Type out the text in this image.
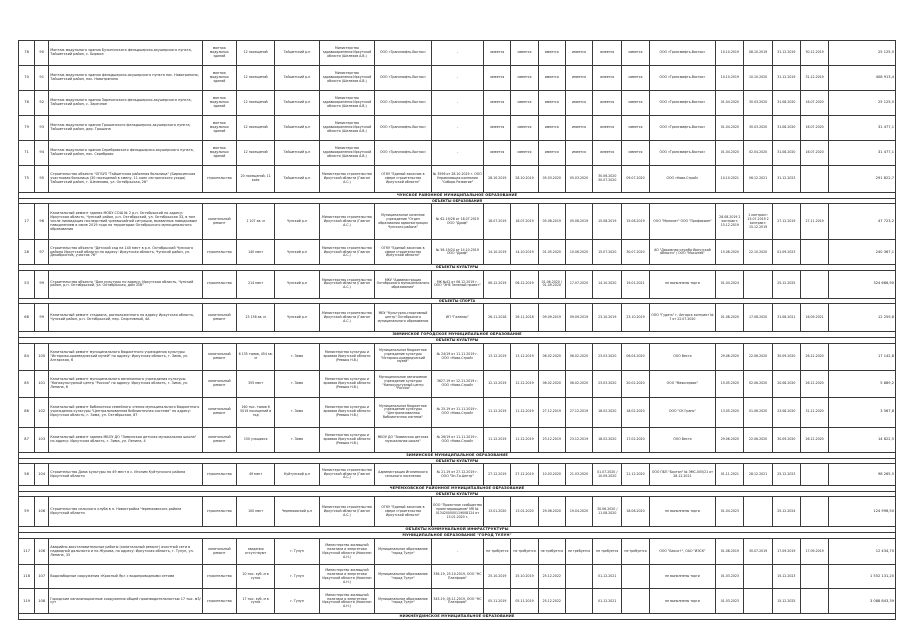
78	90	Монтаж модульного здания Бузыгинского фельдшерско-акушерского пункта, Тайшетский район, с. Бирюса	монтаж модульных зданий	12 посещений	Тайшетский р-н	Министерство здравоохранения Иркутской области (Шелехов А.В.)	ООО «Трансмифть-Восток»	-	имеется	имеется	имеется	имеется	имеется	имеется	ООО «Трансмифть-Восток»	10.10.2019	08.10.2019	31.12.2019	30.12.2019	25 125,5
70	91	Монтаж модульного здания фельдшерско-акушерского пункта пос. Новотрянино, Тайшетский район, пос. Новотрянино	монтаж модульных зданий	12 посещений	Тайшетский р-н	Министерство здравоохранения Иркутской области (Шелехов А.В.)	ООО «Трансмифть-Восток»	-	имеется	имеется	имеется	имеется	имеется	имеется	ООО «Трансмифть-Восток»	10.10.2019	10.10.2020	31.12.2019	31.12.2019	408 913,4
76	92	Монтаж модульного здания Заречинского фельдшерско-акушерского пункта, Тайшетский район, с. Заречное	монтаж модульных зданий	12 посещений	Тайшетский р-н	Министерство здравоохранения Иркутской области (Шелехов А.В.)	ООО «Трансмифть-Восток»	-	имеется	имеется	имеется	имеется	имеется	имеется	ООО «Трансмифть-Восток»	01.04.2020	30.03.2020	31.08.2020	16.07.2020	25 125,5
79	93	Монтаж модульного здания Трошинского фельдшерско-акушерского пункта, Тайшетский район, дер. Трошина	монтаж модульных зданий	12 посещений	Тайшетский р-н	Министерство здравоохранения Иркутской области (Шелехов А.В.)	ООО «Трансмифть-Восток»	-	имеется	имеется	имеется	имеется	имеется	имеется	ООО «Трансмифть-Восток»	01.04.2020	30.03.2020	31.08.2020	16.07.2020	31 477,1
71	94	Монтаж модульного здания Серебровского фельдшерско-акушерского пункта, Тайшетский район, пос. Сереброво	монтаж модульных зданий	12 посещений	Тайшетский р-н	Министерство здравоохранения Иркутской области (Шелехов А.В.)	ООО «Трансмифть-Восток»	-	имеется	имеется	имеется	имеется	имеется	имеется	ООО «Трансмифть-Восток»	01.04.2020	02.04.2020	31.08.2020	16.07.2020	31 477,1
75	95	Строительство объекта "ОГБУЗ "Тайшетская районная больница" (Бирюсинская участковая больница (30 посещений в смену, 11 коек сестринского ухода) Тайшетский район, г. Шелехова, ул. Октябрьская, 26"	строительство	20 посещений, 11 коек	Тайшетский р-н	Министерство строительства Иркутской области (Гаиган А.С.)	ОГКУ "Единый заказчик в сфере строительства Иркутской области"	№ 3596 от 28.10.2019 г. ООО Управляющая компания "Сибирь Развитие"	28.10.2019	28.10.2019	05.03.2020	05.03.2020	30.06.2020 30.07.2020	09.07.2020	ООО «Нова-Строй»	10.10.2021	06.12.2021	31.12.2023		291 822,7
ЧУНСКОЕ РАЙОННОЕ МУНИЦИПАЛЬНОЕ ОБРАЗОВАНИЕ																				
ОБЪЕКТЫ ОБРАЗОВАНИЯ																				
17	96	Капитальный ремонт здания МОБУ СОШ № 2 р.п. Октябрьский по адресу: Иркутская область, Чунский район, р.п. Октябрьский, ул. Октябрьская 33, в том числе ликвидация последствий чрезвычайной ситуации, вызванных паводковым наводнением в июле 2019 года на территории Октябрьского муниципального образования	капитальный ремонт	1 107 кв. м	Чунский р-н	Министерство строительства Иркутской области (Гаиган А.С.)	Муниципальное казенное учреждение "Отдел образования администрации Чунского района"	№ 62-19/28 от 18.07.2019 ООО "Дриф"	18.07.2019	18.07.2019	05.08.2019	05.08.2019	15.08.2019	15.08.2019	ООО "Монолит" ООО "Профикомп"	28.08.2019 2 контракт: 15.12.2019	1 контракт: 15.07.2019 2 контракт: 15.12.2019	27.12.2019	27.11.2019	47 723,2
28	97	Строительство объекта "Детский сад на 140 мест в р.п. Октябрьский Чунского района Иркутской области по адресу: Иркутская область, Чунский район, ул. Декабристов, участок 76"	строительство	140 мест	Чунский р-н	Министерство строительства Иркутской области (Гаиган А.С.)	ОГКУ "Единый заказчик в сфере строительства Иркутской области"	№ 56-19/24 от 14.10.2019 ООО "Дриф"	14.10.2019	14.10.2019	01.05.2020	10.06.2020	15.07.2020	30.07.2020	АО "Дорожная служба Иркутской области" / ООО "Масштаб"	15.08.2020	22.10.2020	01.09.2023		240 367,1
ОБЪЕКТЫ КУЛЬТУРЫ																				
53	99	Строительство объекта "Дом культуры по адресу: Иркутская область, Чунский район, р.п. Октябрьский, ул. Октябрьская, дом 31б"	строительство	214 мест	Чунский р-н	Министерство строительства Иркутской области (Гаиган А.С.)	МКУ "Администрация Октябрьского муниципального образования"	МК №42 от 06.12.2019 г. ООО "ЭНЕ Зеленый проект"	06.12.2019	06.12.2019	01.06.2020 / 01.09.2020	17.07.2020	14.10.2020	19.01.2021	не выполнены торги	01.04.2024		25.12.2025		324 686,90
ОБЪЕКТЫ СПОРТА																				
68	99	Капитальный ремонт стадиона, расположенного по адресу Иркутская область, Чунский район, р.п. Октябрьский, пер. Спортивный, 4А	капитальный ремонт	23 136 кв. м	Чунский р-н	Министерство строительства Иркутской области (Гаиган А.С.)	МБУ "Культурно-спортивный центр" Октябрьского муниципального образования	ИП "Галенир"	26.11.2018	26.11.2018	09.09.2019	09.09.2019	23.10.2019	23.10.2019	ООО "Гудать" г. Ангарск контракт № 7 от 22.07.2020	01.08.2020	17.08.2020	31.08.2021	16.09.2021	12 259,8
ЗИМИНСКОЕ ГОРОДСКОЕ МУНИЦИПАЛЬНОЕ ОБРАЗОВАНИЕ																				
ОБЪЕКТЫ КУЛЬТУРЫ																				
84	100	Капитальный ремонт муниципального бюджетного учреждения культуры "Историко-краеведческий музей" по адресу: Иркутская область, г. Зима, ул. Ангарская, 6	капитальный ремонт	6 135 томов, 454 кв. м	г. Зима	Министерство культуры и архивов Иркутской области (Ревыко Н.В.)	Муниципальное бюджетное учреждение культуры "Историко-краеведческий музей"	№ 24/19 от 11.11.2019 г. ООО «Ново-Строй»	13.12.2019	13.12.2019	06.02.2020	06.02.2020	23.03.2020	06.04.2020	ООО Веста	29.06.2020	22.06.2020	30.09.2020	26.12.2020	17 142,8
85	101	Капитальный ремонт муниципального автономного учреждения культуры "Кинокультурный центр "Россия" по адресу: Иркутская область, г. Зима, ул. Ленина, 6	капитальный ремонт	355 мест	г. Зима	Министерство культуры и архивов Иркутской области (Ревыко Н.В.)	Муниципальное автономное учреждение культуры "Кинокультурный центр "Россия"	3627-19 от 12.11.2019 г. ООО «Ново-Строй»	12.12.2019	12.12.2019	06.02.2020	06.02.2020	23.03.2020	20.02.2020	ООО "Маяксервис"	15.05.2020	02.06.2020	20.08.2020	26.12.2020	5 889,2
86	102	Капитальный ремонт библиотеки семейного чтения муниципального бюджетного учреждения культуры "Централизованная библиотечная система" по адресу: Иркутская область, г. Зима, ул. Октябрьская, 87	капитальный ремонт	160 тыс. томов 6 5019 посещений в год	г. Зима	Министерство культуры и архивов Иркутской области (Ревыко Н.В.)	Муниципальное бюджетное учреждение культуры "Централизованная библиотечная система"	№ 25-19 от 11.11.2019 г. ООО «Ново-Строй»	11.12.2019	11.12.2019	27.12.2019	27.12.2019	18.02.2020	18.02.2020	ООО "СК Грань"	13.05.2020	01.06.2020	23.08.2020	31.12.2020	3 567,8
87	103	Капитальный ремонт здания МБОУ ДО "Зиминская детская музыкальная школа" по адресу: Иркутская область, г. Зима, ул. Ленина, 4	капитальный ремонт	150 учащихся	г. Зима	Министерство культуры и архивов Иркутской области (Ревыко Н.В.)	МБОУ ДО "Зиминская детская музыкальная школа"	№ 26/19 от 11.11.2019 г. ООО «Ново-Строй»	11.12.2019	11.12.2019	23.12.2019	23.12.2019	18.02.2020	17.02.2020	ООО Веста	29.06.2020	22.06.2020	30.09.2020	26.12.2020	14 822,5
ЗИМИНСКОЕ МУНИЦИПАЛЬНОЕ ОБРАЗОВАНИЕ																				
ОБЪЕКТЫ КУЛЬТУРЫ																				
58	104	Строительство Дома культуры на 49 мест в с. Игоним Куйтунского района Иркутской области	строительство	49 мест	Куйтунский р-н	Министерство строительства Иркутской области (Гаиган А.С.)	Администрация Игонимского сельского поселения	№ 21-19 от 27.12.2019 г. ООО "Эн-Ти-Центр"	27.12.2019	27.12.2019	10.03.2020	21.03.2020	01.07.2020 / 10.09.2020	21.12.2020	ООО ПБП "Бахтон" № ЭМС-005/21 от 28.12.2021	01.11.2021	28.12.2021	25.12.2023		98 265,5
ЧЕРЕМХОВСКОЕ РАЙОННОЕ МУНИЦИПАЛЬНОЕ ОБРАЗОВАНИЕ																				
ОБЪЕКТЫ КУЛЬТУРЫ																				
59	106	Строительство сельского клуба в п. Новостройка Черемховского района Иркутской области	строительство	100 мест	Черемховский р-н	Министерство строительства Иркутской области (Гаиган А.С.)	ОГКУ "Единый заказчик в сфере строительства Иркутской области"	ООО "Проектное сообщество проектировщиков" МК № 0134200000119008124 от 13.01.2020 г.	13.01.2020	13.01.2020	29.06.2020	19.04.2020	30.06.2020 / 11.08.2020	18.08.2020	не выполнены торги	01.04.2023		25.12.2024		124 996,50
ОБЪЕКТЫ КОММУНАЛЬНОЙ ИНФРАСТРУКТУРЫ																				
МУНИЦИПАЛЬНОЕ ОБРАЗОВАНИЕ "ГОРОД ТУЛУН"																				
117	106	Аварийно-восстановительные работы (капитальный ремонт) очистной сети в надводной дальности и по Жукова, по адресу: Иркутская область, г. Тулун, ул. Ленина, 33	капитальный ремонт	сведения отсутствуют	г. Тулун	Министерство жилищной политики и энергетики Иркутской области (Никитин А.Н.)	Муниципальное образование "город Тулун"	-	не требуется	не требуется	не требуется	не требуется	не требуется	не требуется	ООО "Бакса+", ОАО "ИЭСК"	01.08.2019	30.07.2019	17.09.2019	17.09.2019	12 434,70
118	107	Водозаборные сооружения «Красный Яр» с водопроводными сетями	строительство	20 тыс. куб. м в сутки	г. Тулун	Министерство жилищной политики и энергетики Иркутской области (Никитин А.Н.)	Муниципальное образование "город Тулун"	336-19, 25.10.2019, ООО "НС Платформ"	25.10.2019	25.10.2019	25.12.2022		01.12.2021		не выполнены торги	01.03.2023		15.12.2023		1 552 131,20
119	108	Городские канализационные сооружения общей производительностью 17 тыс. м3/сут	строительство	17 тыс. куб. м в сутки	г. Тулун	Министерство жилищной политики и энергетики Иркутской области (Никитин А.Н.)	Муниципальное образование "город Тулун"	343-19, 05.11.2019, ООО "НС Платформ"	05.11.2019	05.11.2019	25.12.2022		01.12.2021		не выполнены торги	01.03.2023		15.12.2025		3 088 843,39
НИЖНЕУДИНСКОЕ МУНИЦИПАЛЬНОЕ ОБРАЗОВАНИЕ																				
